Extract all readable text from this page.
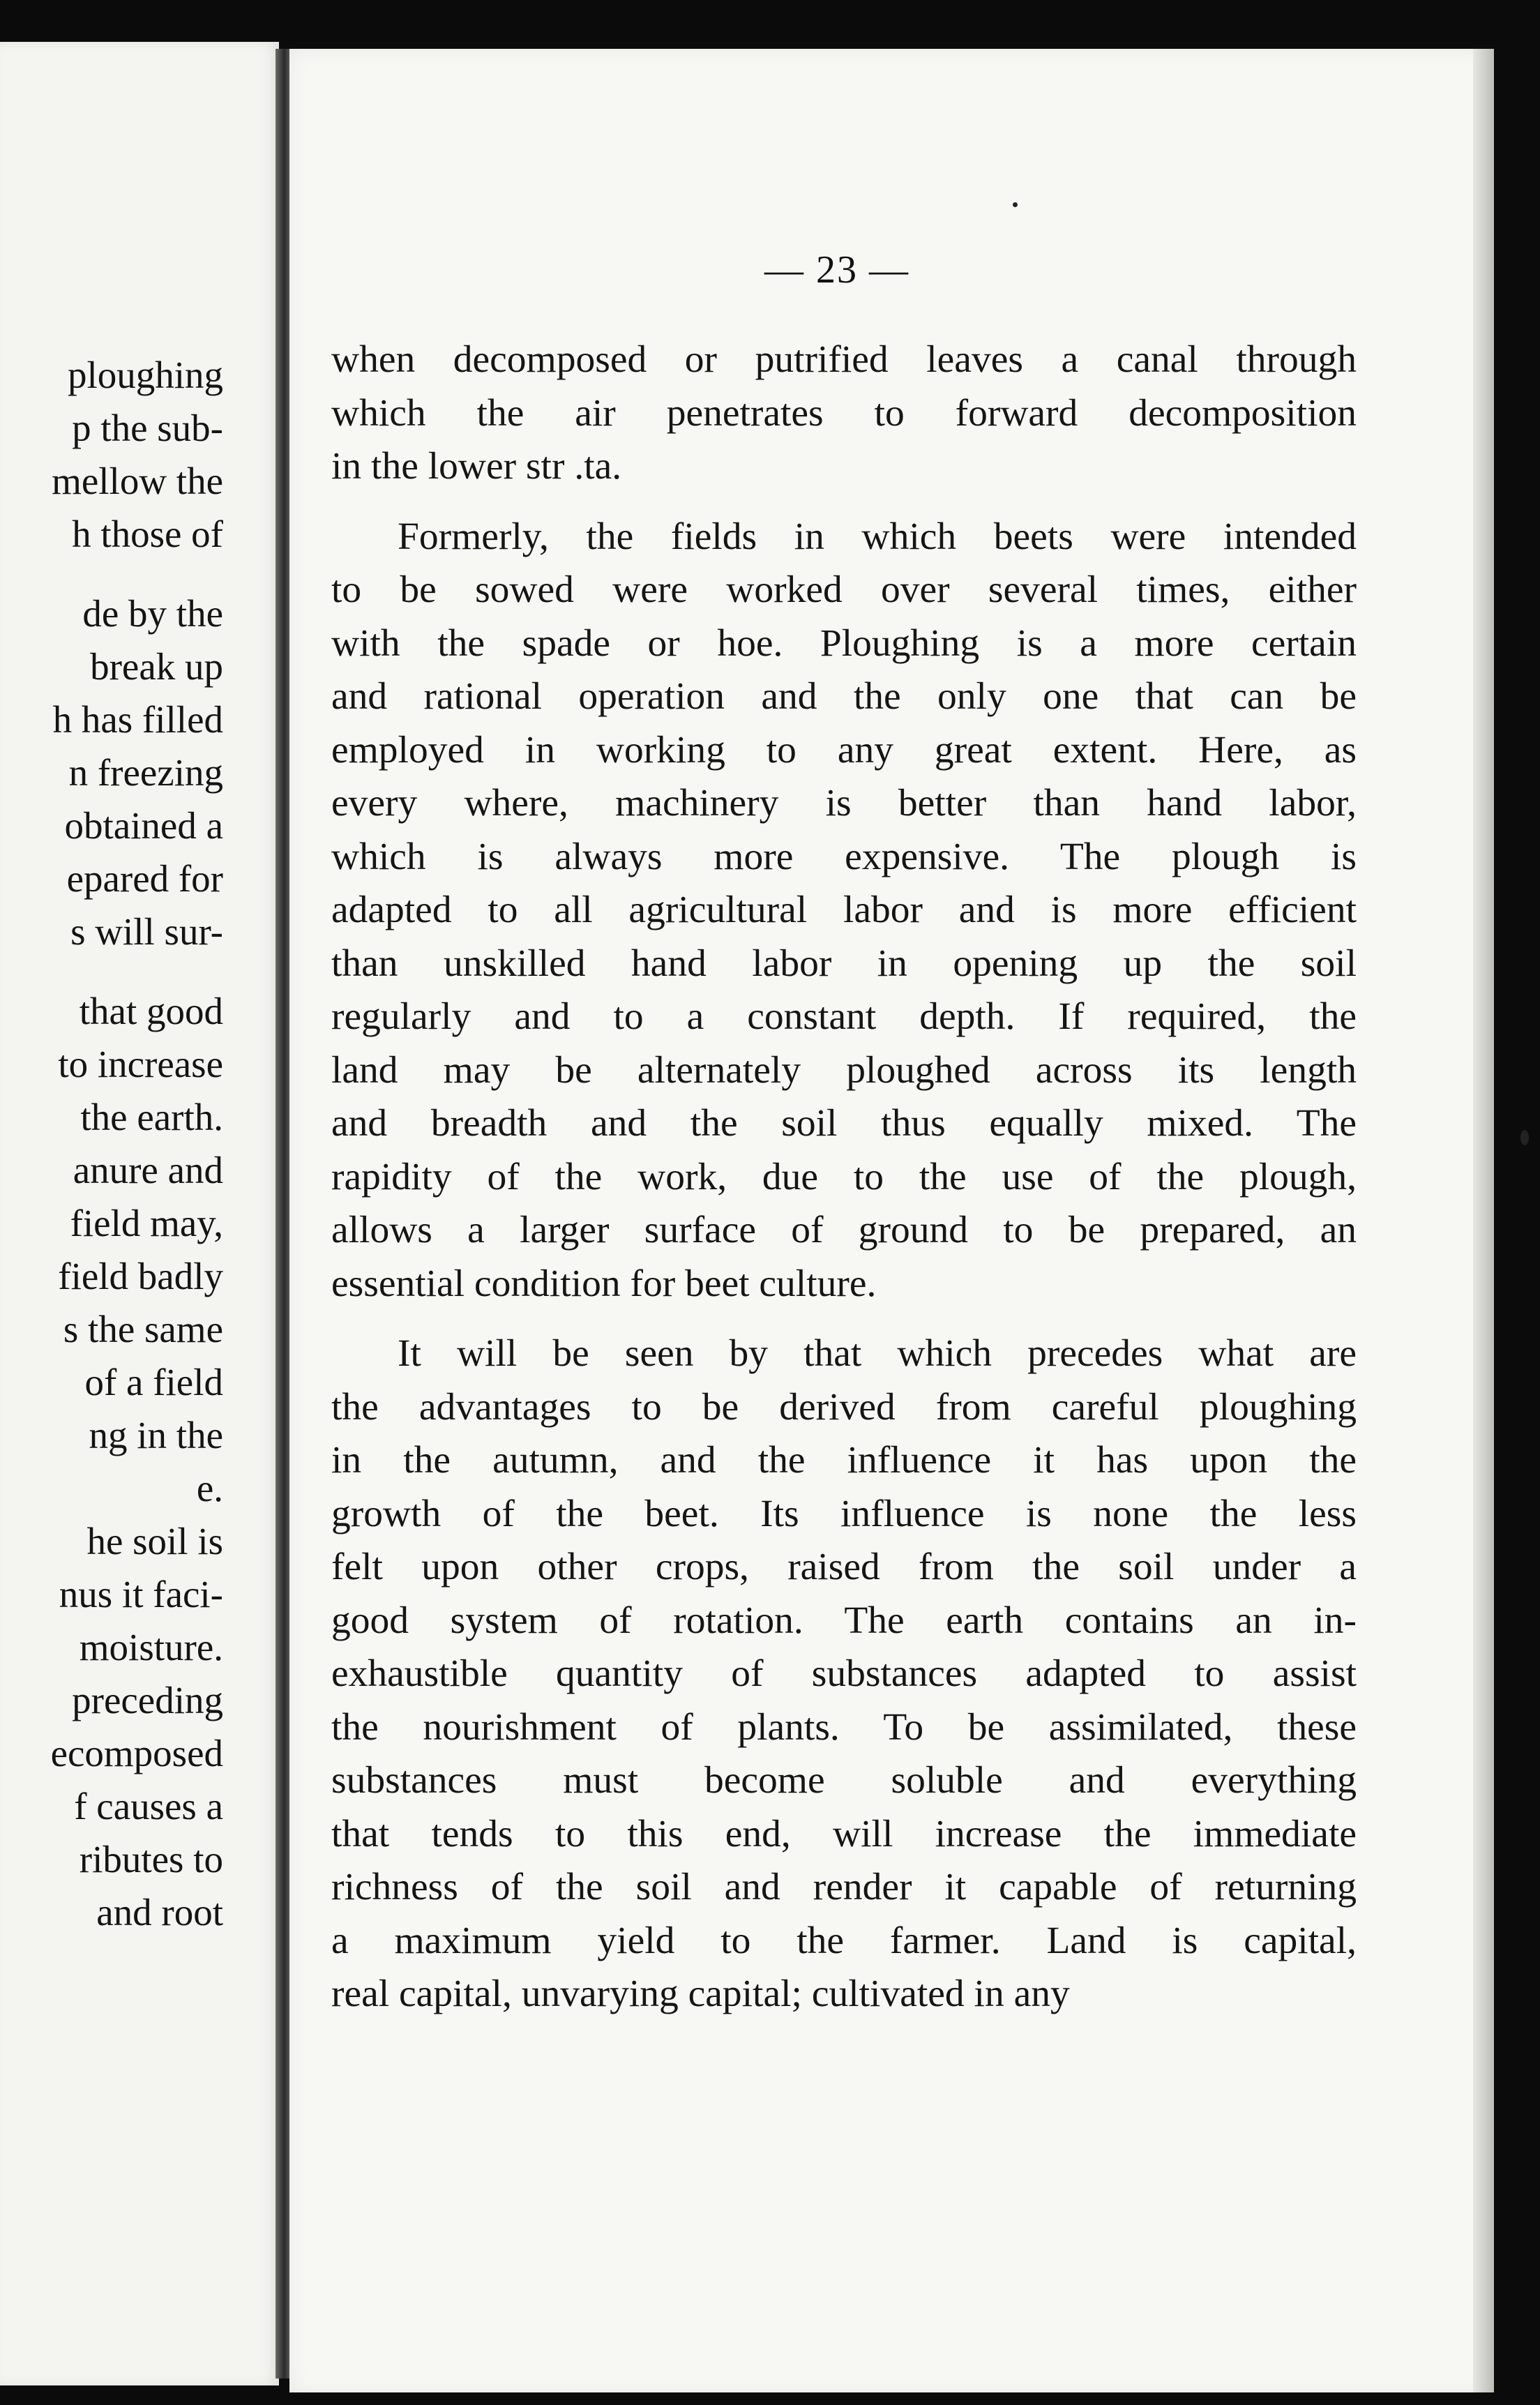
ploughing
p the sub-
mellow the
h those of
de by the
break up
h has filled
n freezing
obtained a
epared for
s will sur-
that good
to increase
the earth.
anure and
field may,
field badly
s the same
of a field
ng in the
e.
he soil is
nus it faci-
moisture.
preceding
ecomposed
f causes a
ributes to
and root
— 23 —
when decomposed or putrified leaves a canal through
which the air penetrates to forward decomposition
in the lower str .ta.
Formerly, the fields in which beets were intended
to be sowed were worked over several times, either
with the spade or hoe. Ploughing is a more certain
and rational operation and the only one that can be
employed in working to any great extent. Here, as
every where, machinery is better than hand labor,
which is always more expensive. The plough is
adapted to all agricultural labor and is more efficient
than unskilled hand labor in opening up the soil
regularly and to a constant depth. If required, the
land may be alternately ploughed across its length
and breadth and the soil thus equally mixed. The
rapidity of the work, due to the use of the plough,
allows a larger surface of ground to be prepared, an
essential condition for beet culture.
It will be seen by that which precedes what are
the advantages to be derived from careful ploughing
in the autumn, and the influence it has upon the
growth of the beet. Its influence is none the less
felt upon other crops, raised from the soil under a
good system of rotation. The earth contains an in-
exhaustible quantity of substances adapted to assist
the nourishment of plants. To be assimilated, these
substances must become soluble and everything
that tends to this end, will increase the immediate
richness of the soil and render it capable of returning
a maximum yield to the farmer. Land is capital,
real capital, unvarying capital; cultivated in any
